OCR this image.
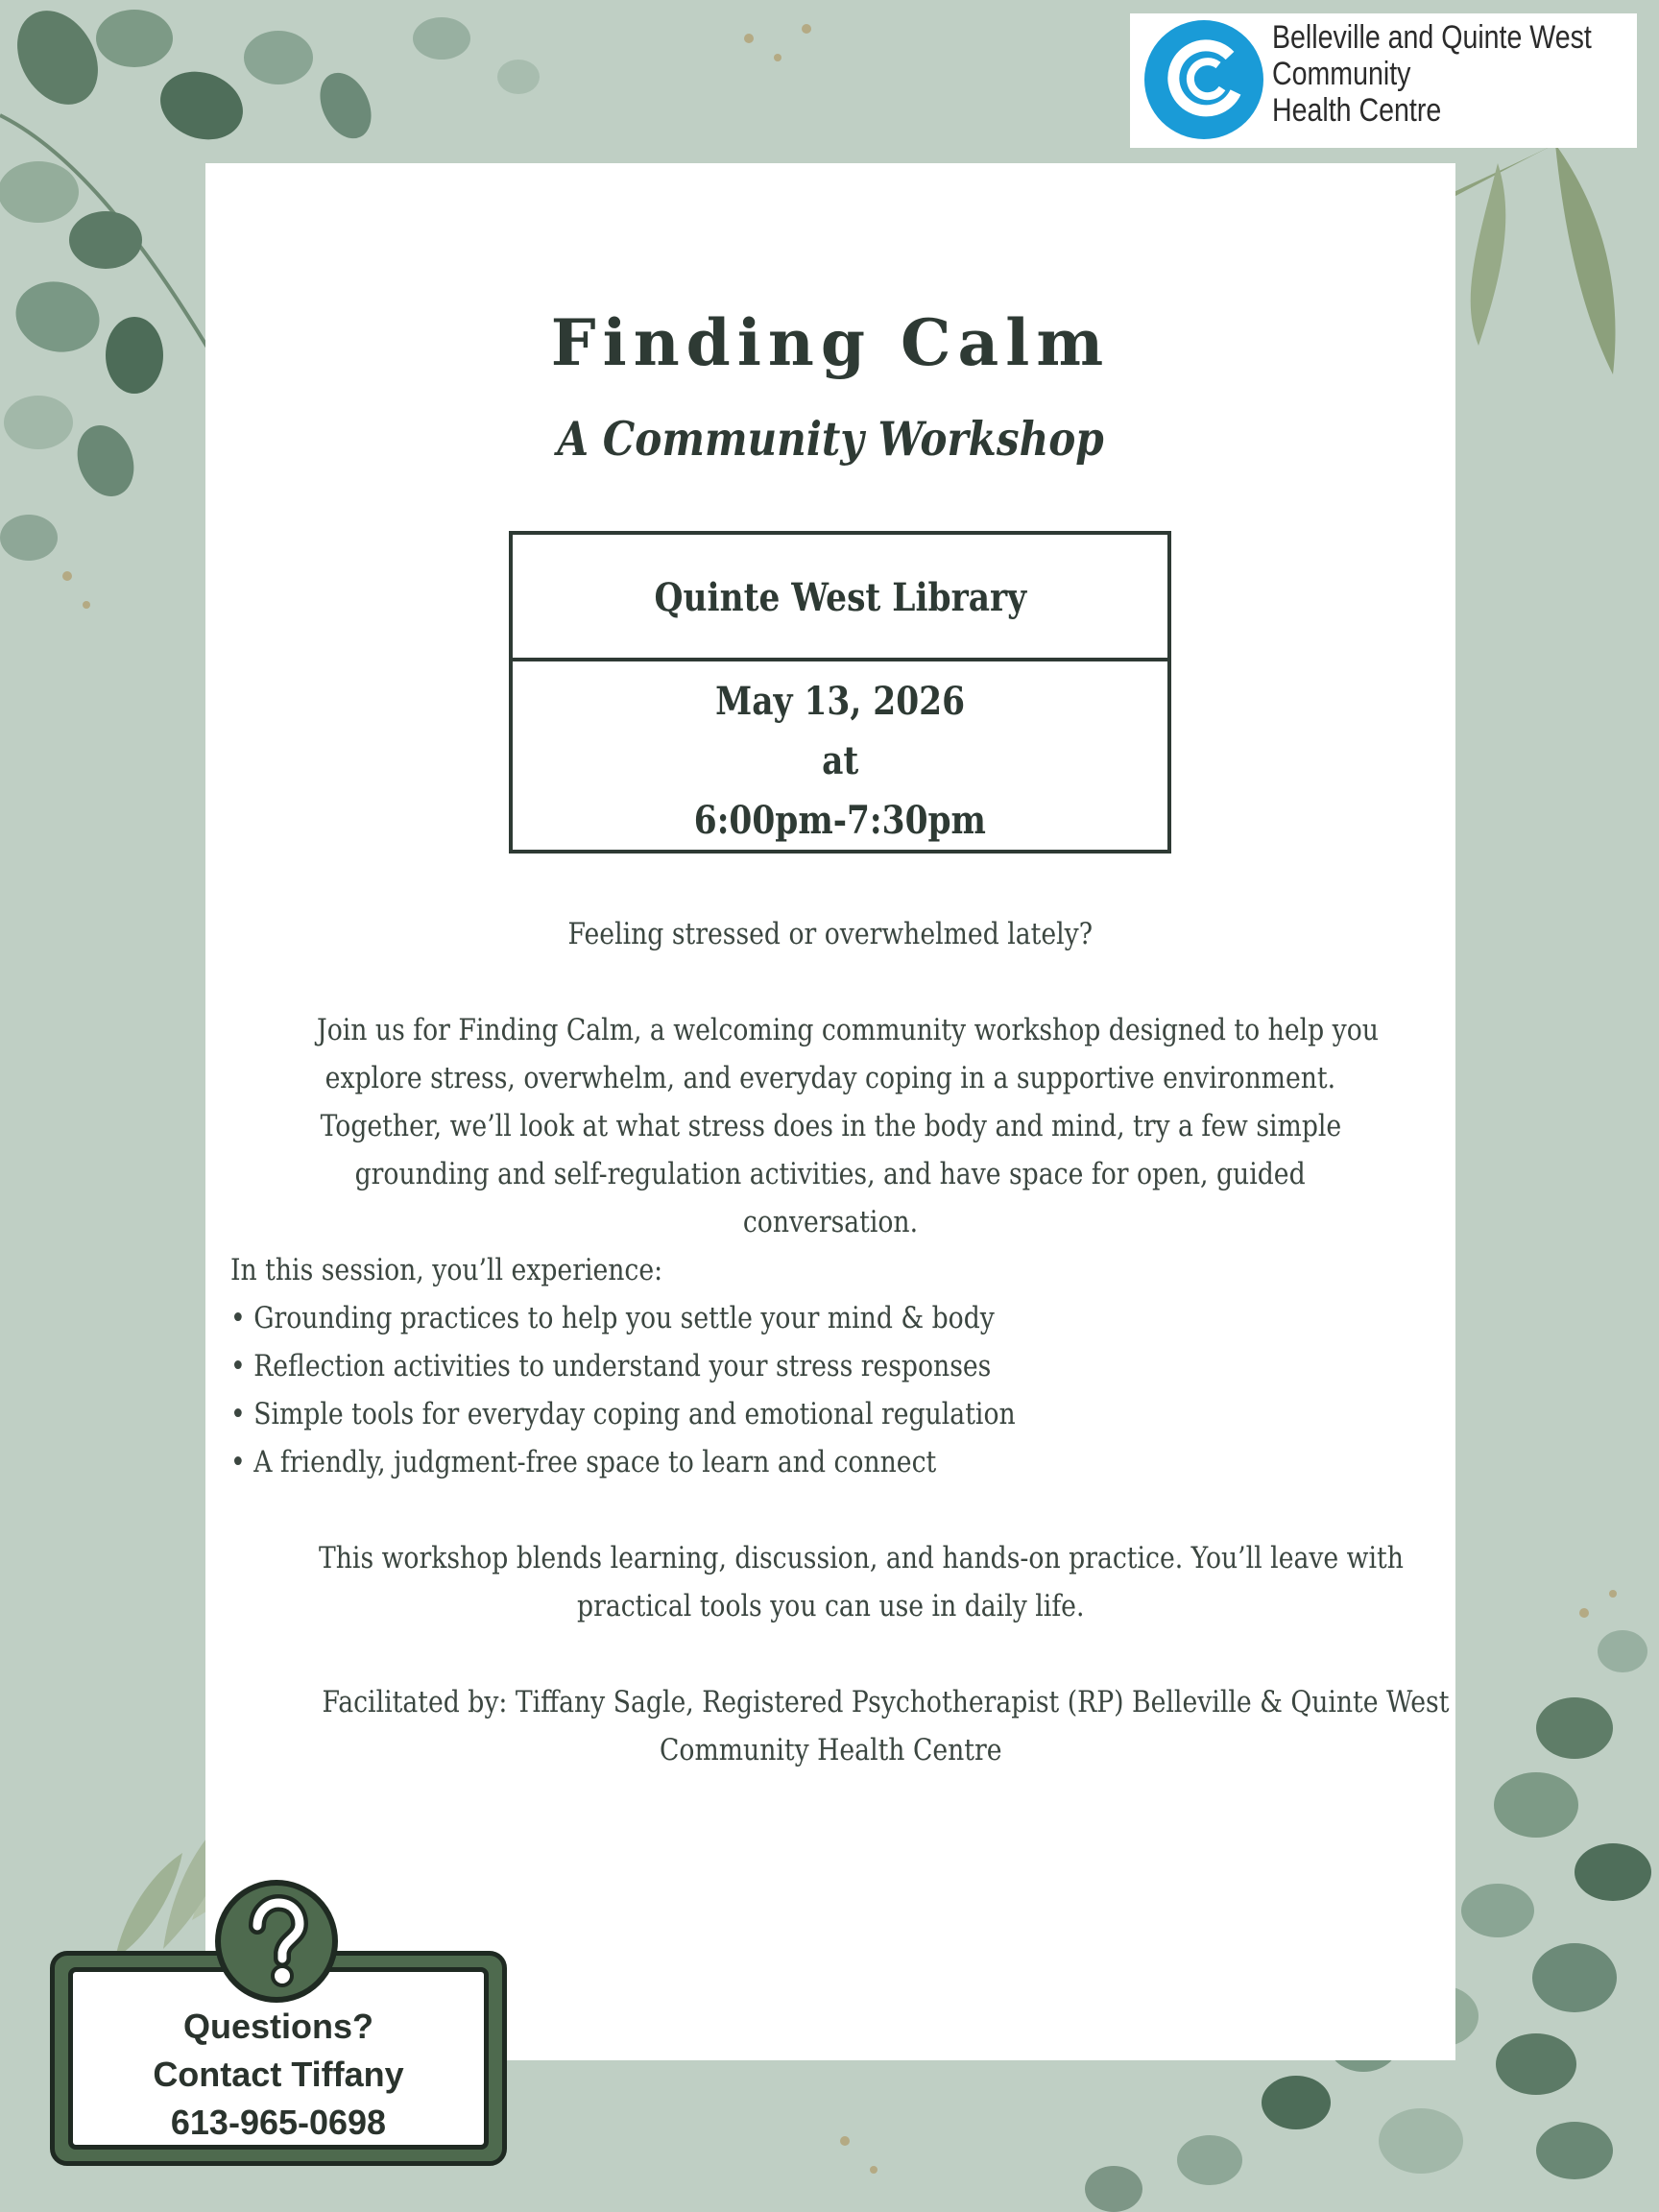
Belleville and Quinte West
Community
Health Centre
Finding Calm
A Community Workshop
Quinte West Library
May 13, 2026
at
6:00pm-7:30pm
Feeling stressed or overwhelmed lately?
Join us for Finding Calm, a welcoming community workshop designed to help you
explore stress, overwhelm, and everyday coping in a supportive environment.
Together, we’ll look at what stress does in the body and mind, try a few simple
grounding and self-regulation activities, and have space for open, guided
conversation.
In this session, you’ll experience:
• Grounding practices to help you settle your mind & body
• Reflection activities to understand your stress responses
• Simple tools for everyday coping and emotional regulation
• A friendly, judgment-free space to learn and connect
This workshop blends learning, discussion, and hands-on practice. You’ll leave with
practical tools you can use in daily life.
Facilitated by: Tiffany Sagle, Registered Psychotherapist (RP) Belleville & Quinte West
Community Health Centre
Questions?
Contact Tiffany
613-965-0698
